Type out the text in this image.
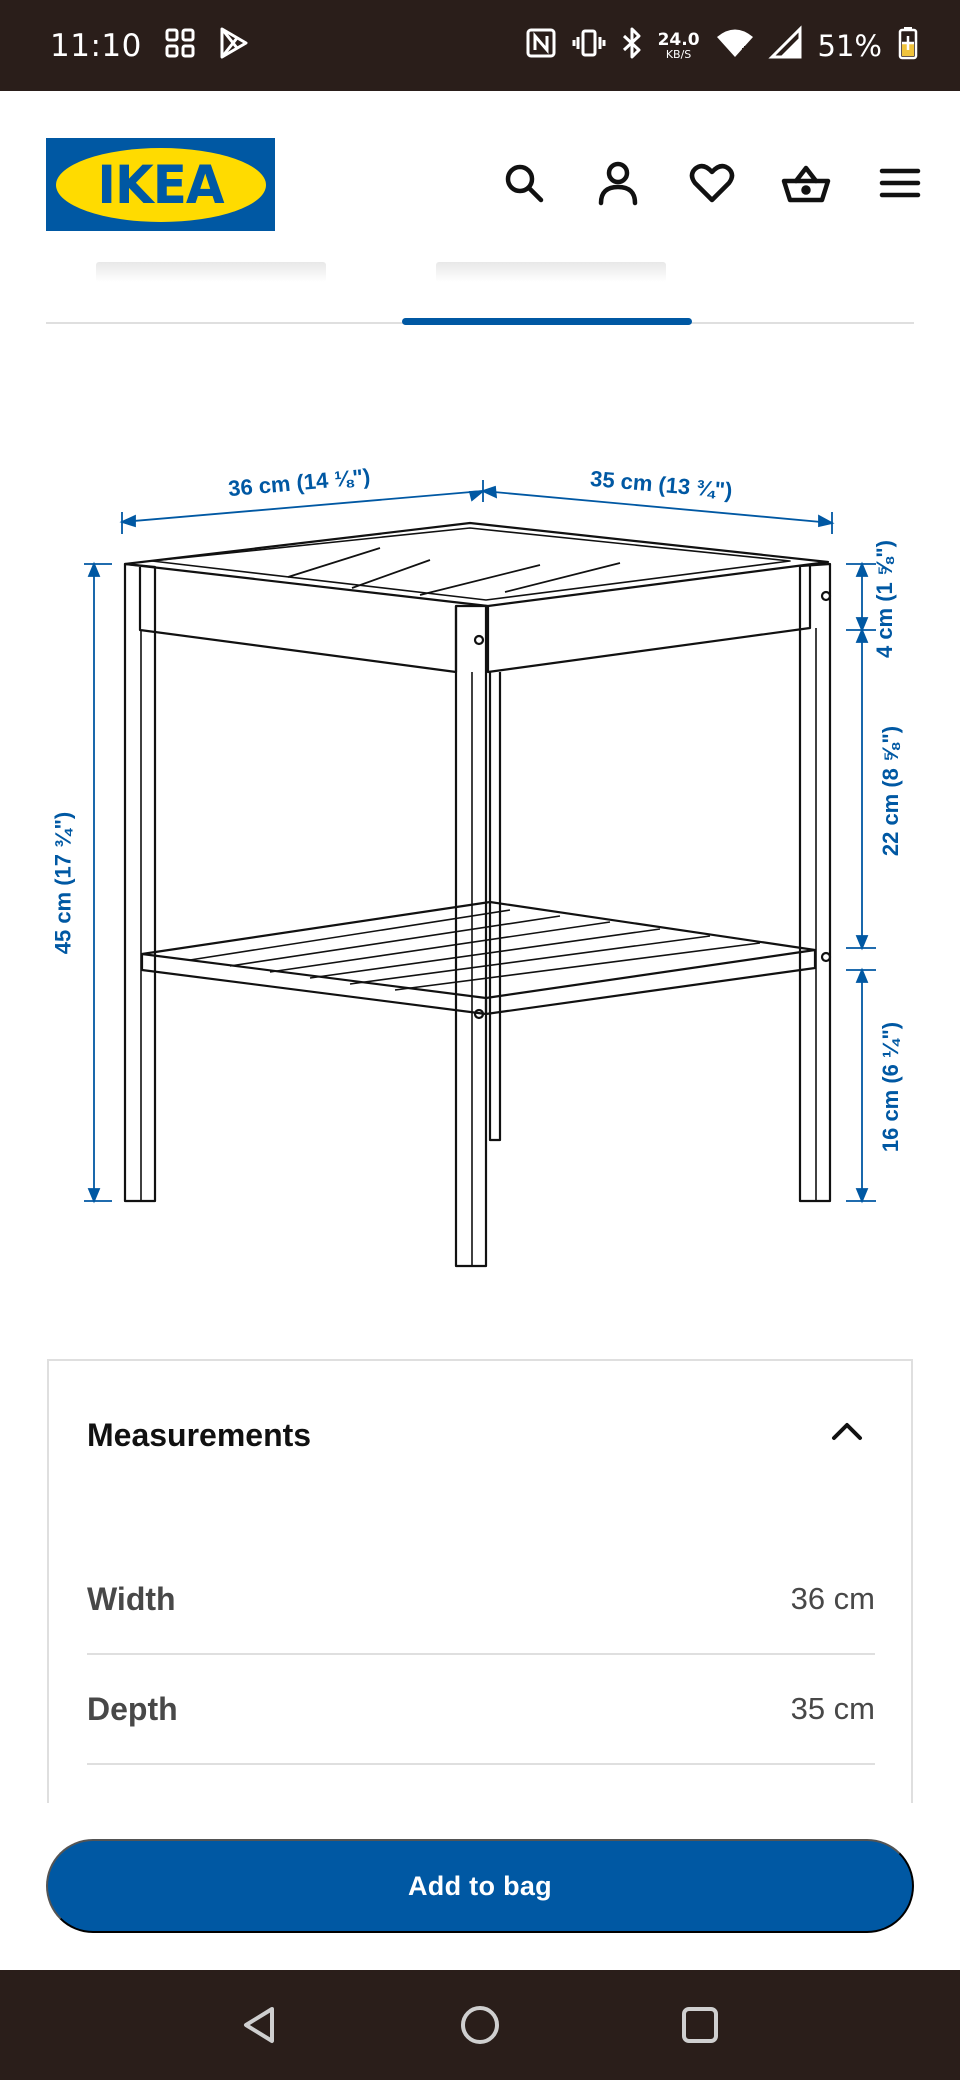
11:10	24.0
KB/S	51%
IKEA
36 cm (14 ⅛")	35 cm (13 ¾")
45 cm (17 ¾")
4 cm (1 ⅝")
22 cm (8 ⅝")
16 cm (6 ¼")
Measurements
Width	36 cm
Depth	35 cm
Add to bag
